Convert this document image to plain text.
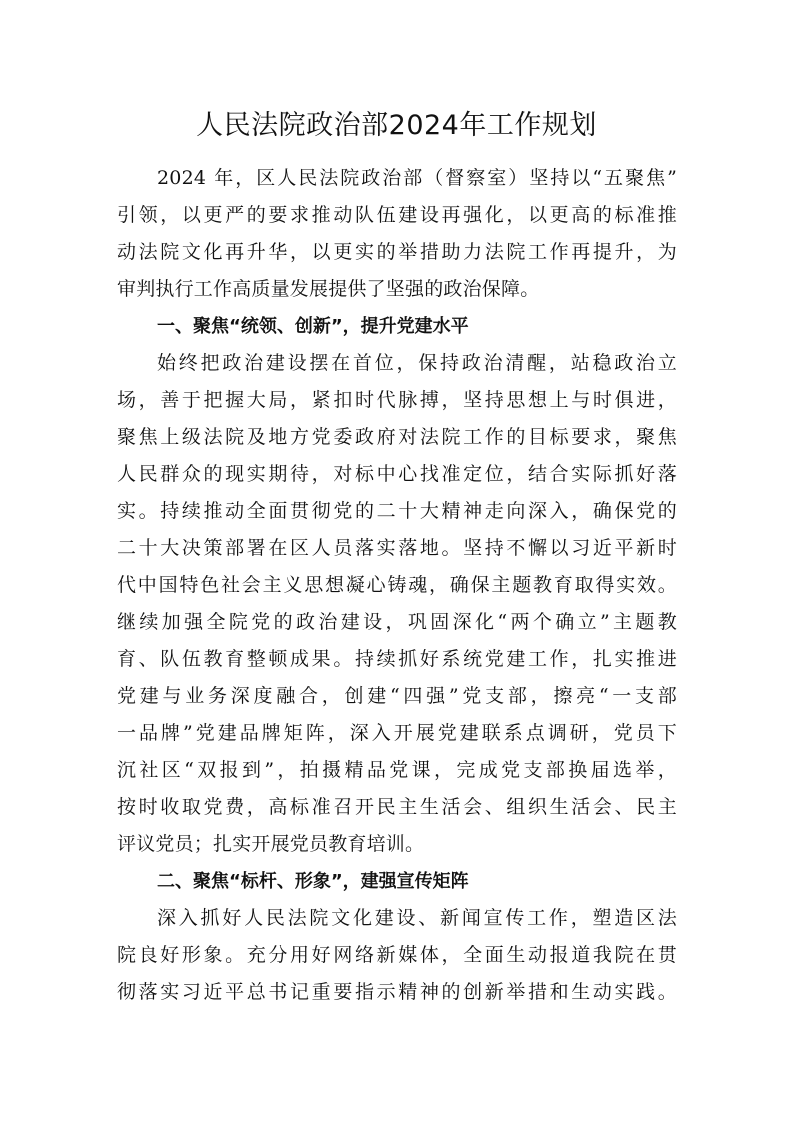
人民法院政治部2024年工作规划
2024 年，区人民法院政治部（督察室）坚持以“五聚焦”
引领，以更严的要求推动队伍建设再强化，以更高的标准推
动法院文化再升华，以更实的举措助力法院工作再提升，为
审判执行工作高质量发展提供了坚强的政治保障。
一、聚焦“统领、创新”，提升党建水平
始终把政治建设摆在首位，保持政治清醒，站稳政治立
场，善于把握大局，紧扣时代脉搏，坚持思想上与时俱进，
聚焦上级法院及地方党委政府对法院工作的目标要求，聚焦
人民群众的现实期待，对标中心找准定位，结合实际抓好落
实。持续推动全面贯彻党的二十大精神走向深入，确保党的
二十大决策部署在区人员落实落地。坚持不懈以习近平新时
代中国特色社会主义思想凝心铸魂，确保主题教育取得实效。
继续加强全院党的政治建设，巩固深化“两个确立”主题教
育、队伍教育整顿成果。持续抓好系统党建工作，扎实推进
党建与业务深度融合，创建“四强”党支部，擦亮“一支部
一品牌”党建品牌矩阵，深入开展党建联系点调研，党员下
沉社区“双报到”，拍摄精品党课，完成党支部换届选举，
按时收取党费，高标准召开民主生活会、组织生活会、民主
评议党员；扎实开展党员教育培训。
二、聚焦“标杆、形象”，建强宣传矩阵
深入抓好人民法院文化建设、新闻宣传工作，塑造区法
院良好形象。充分用好网络新媒体，全面生动报道我院在贯
彻落实习近平总书记重要指示精神的创新举措和生动实践。
